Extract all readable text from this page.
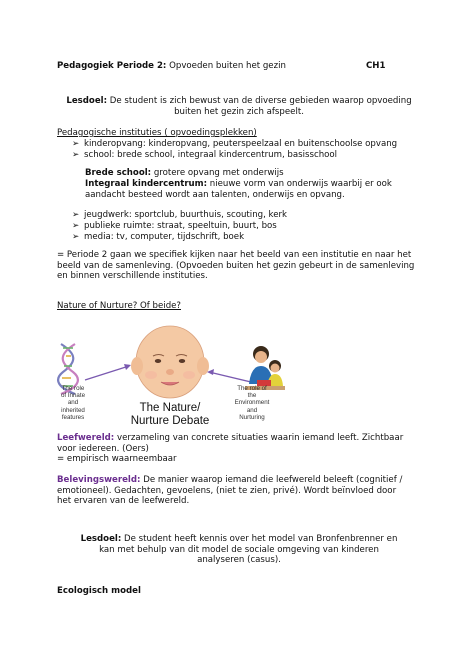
Pedagogiek Periode 2: Opvoeden buiten het gezin	CH1
Lesdoel: De student is zich bewust van de diverse gebieden waarop opvoeding
buiten het gezin zich afspeelt.
Pedagogische instituties ( opvoedingsplekken)
➢ kinderopvang: kinderopvang, peuterspeelzaal en buitenschoolse opvang
➢ school: brede school, integraal kindercentrum, basisschool
Brede school: grotere opvang met onderwijs
Integraal kindercentrum: nieuwe vorm van onderwijs waarbij er ook
aandacht besteed wordt aan talenten, onderwijs en opvang.
➢ jeugdwerk: sportclub, buurthuis, scouting, kerk
➢ publieke ruimte: straat, speeltuin, buurt, bos
➢ media: tv, computer, tijdschrift, boek
= Periode 2 gaan we specifiek kijken naar het beeld van een institutie en naar het
beeld van de samenleving. (Opvoeden buiten het gezin gebeurt in de samenleving
en binnen verschillende instituties.
Nature of Nurture? Of beide?
The role
of Innate
and
inherited
features
The Nature/
Nurture Debate
The role of
the
Environment
and
Nurturing
Leefwereld: verzameling van concrete situaties waarin iemand leeft. Zichtbaar
voor iedereen. (Oers)
= empirisch waarneembaar
Belevingswereld: De manier waarop iemand die leefwereld beleeft (cognitief /
emotioneel). Gedachten, gevoelens, (niet te zien, privé). Wordt beïnvloed door
het ervaren van de leefwereld.
Lesdoel: De student heeft kennis over het model van Bronfenbrenner en
kan met behulp van dit model de sociale omgeving van kinderen
analyseren (casus).
Ecologisch model
